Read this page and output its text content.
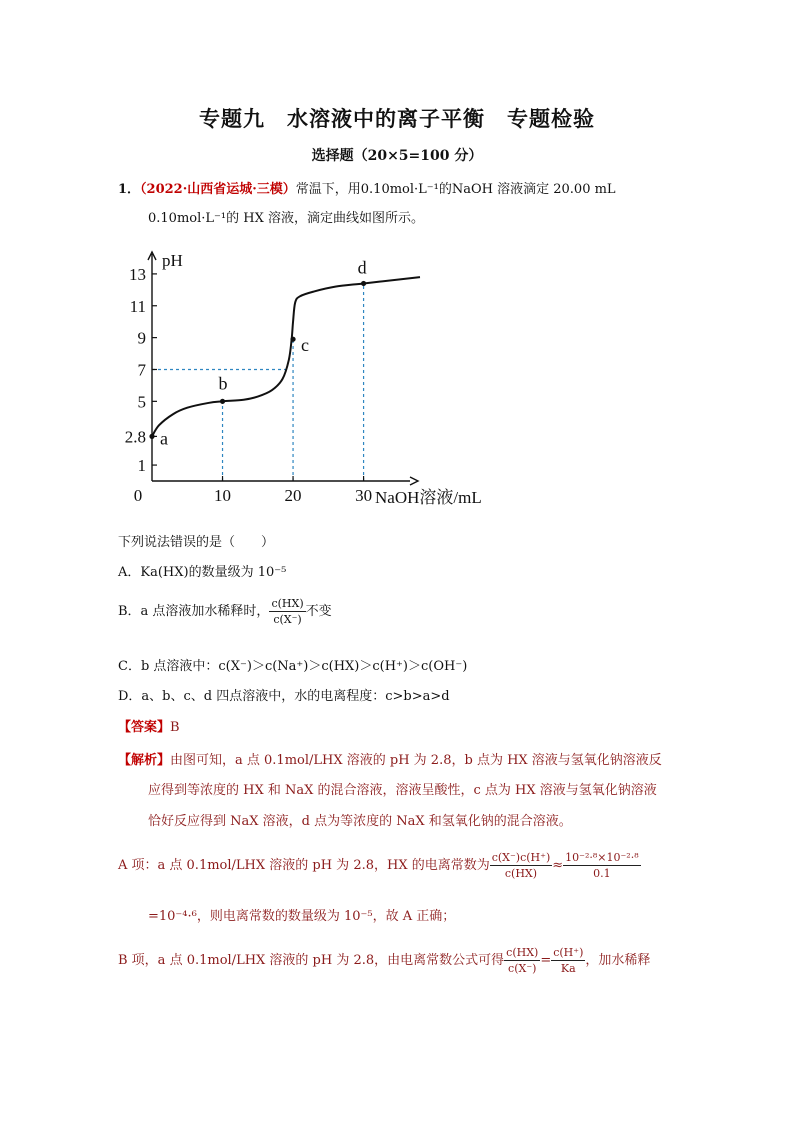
专题九　水溶液中的离子平衡　专题检验
选择题（20×5=100 分）
1．（2022·山西省运城·三模）常温下，用0.10mol·L⁻¹的NaOH 溶液滴定 20.00 mL
0.10mol·L⁻¹的 HX 溶液，滴定曲线如图所示。
0	10	20	30
1
2.8
5
7
9
11
13
NaOH溶液/mL
pH
a
b
c
d
下列说法错误的是（　　）
A．Ka(HX)的数量级为 10⁻⁵
B．a 点溶液加水稀释时， $\frac{c(HX)}{c(X^-)}$ 不变
C．b 点溶液中：c(X⁻)＞c(Na⁺)＞c(HX)＞c(H⁺)＞c(OH⁻)
D．a、b、c、d 四点溶液中，水的电离程度：c>b>a>d
【答案】B
【解析】由图可知，a 点 0.1mol/LHX 溶液的 pH 为 2.8，b 点为 HX 溶液与氢氧化钠溶液反
应得到等浓度的 HX 和 NaX 的混合溶液，溶液呈酸性，c 点为 HX 溶液与氢氧化钠溶液
恰好反应得到 NaX 溶液，d 点为等浓度的 NaX 和氢氧化钠的混合溶液。
A 项：a 点 0.1mol/LHX 溶液的 pH 为 2.8，HX 的电离常数为 $\frac{c(X^-)c(H^+)}{c(HX)} \approx \frac{\text{10⁻²·⁸×10⁻²·⁸}}{0.1}$
=10⁻⁴·⁶，则电离常数的数量级为 10⁻⁵，故 A 正确；
B 项，a 点 0.1mol/LHX 溶液的 pH 为 2.8，由电离常数公式可得 $\frac{c(HX)}{c(X^-)} = \frac{c(H^+)}{Ka}$ ，加水稀释
